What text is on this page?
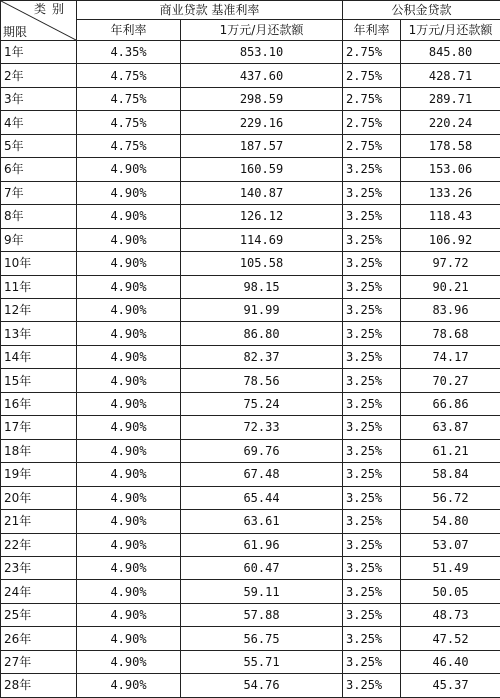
类别
期限	商业贷款 基准利率		公积金贷款	
	年利率	1万元/月还款额	年利率	1万元/月还款额
1年	4.35%	853.10	2.75%	845.80
2年	4.75%	437.60	2.75%	428.71
3年	4.75%	298.59	2.75%	289.71
4年	4.75%	229.16	2.75%	220.24
5年	4.75%	187.57	2.75%	178.58
6年	4.90%	160.59	3.25%	153.06
7年	4.90%	140.87	3.25%	133.26
8年	4.90%	126.12	3.25%	118.43
9年	4.90%	114.69	3.25%	106.92
10年	4.90%	105.58	3.25%	97.72
11年	4.90%	98.15	3.25%	90.21
12年	4.90%	91.99	3.25%	83.96
13年	4.90%	86.80	3.25%	78.68
14年	4.90%	82.37	3.25%	74.17
15年	4.90%	78.56	3.25%	70.27
16年	4.90%	75.24	3.25%	66.86
17年	4.90%	72.33	3.25%	63.87
18年	4.90%	69.76	3.25%	61.21
19年	4.90%	67.48	3.25%	58.84
20年	4.90%	65.44	3.25%	56.72
21年	4.90%	63.61	3.25%	54.80
22年	4.90%	61.96	3.25%	53.07
23年	4.90%	60.47	3.25%	51.49
24年	4.90%	59.11	3.25%	50.05
25年	4.90%	57.88	3.25%	48.73
26年	4.90%	56.75	3.25%	47.52
27年	4.90%	55.71	3.25%	46.40
28年	4.90%	54.76	3.25%	45.37
